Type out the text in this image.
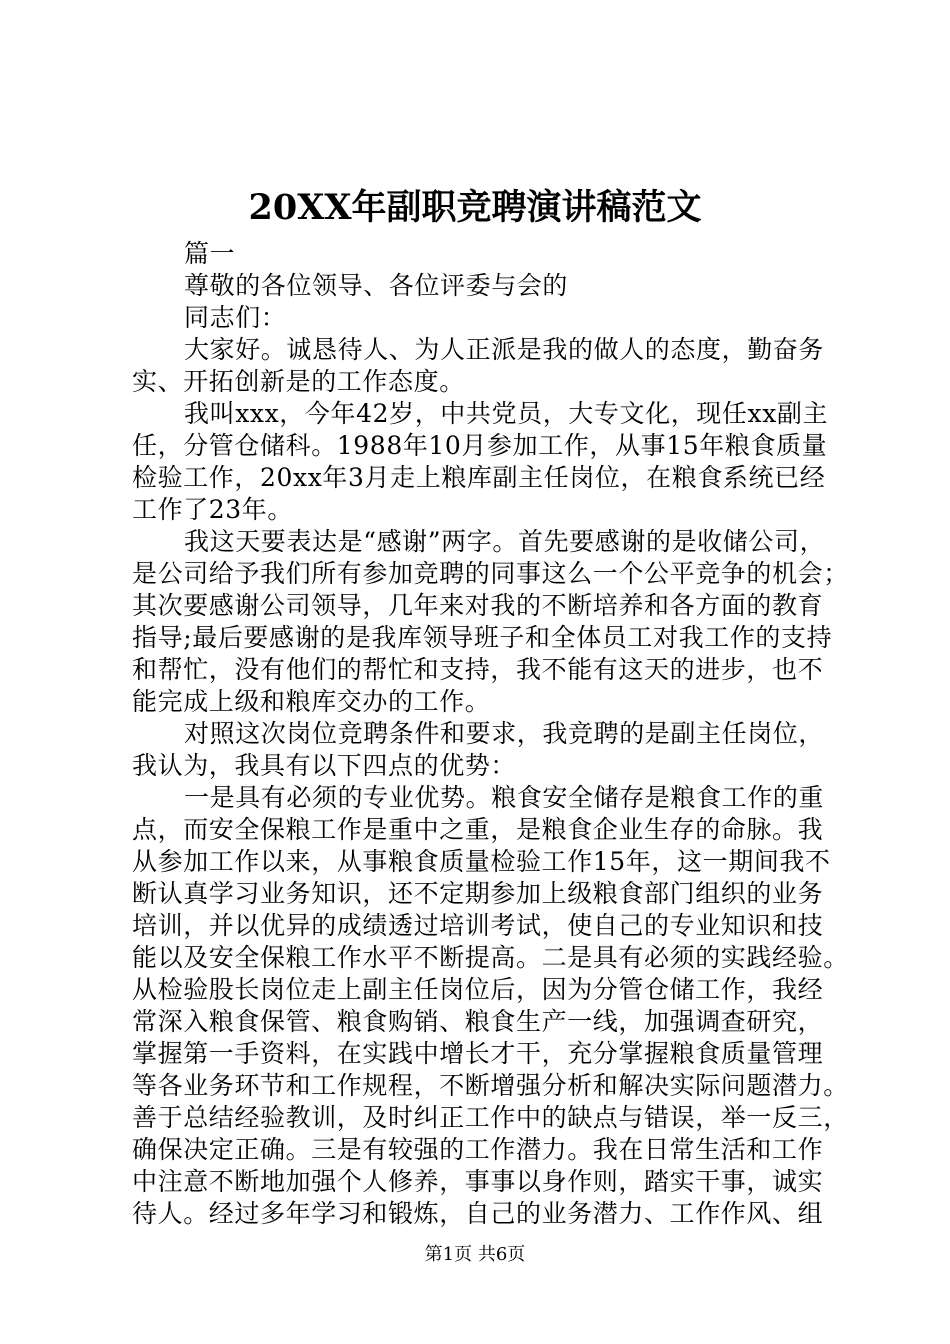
20XX年副职竞聘演讲稿范文
篇一
尊敬的各位领导、各位评委与会的
同志们：
大家好。诚恳待人、为人正派是我的做人的态度，勤奋务
实、开拓创新是的工作态度。
我叫xxx，今年42岁，中共党员，大专文化，现任xx副主
任，分管仓储科。1988年10月参加工作，从事15年粮食质量
检验工作，20xx年3月走上粮库副主任岗位，在粮食系统已经
工作了23年。
我这天要表达是“感谢”两字。首先要感谢的是收储公司，
是公司给予我们所有参加竞聘的同事这么一个公平竞争的机会；
其次要感谢公司领导，几年来对我的不断培养和各方面的教育
指导;最后要感谢的是我库领导班子和全体员工对我工作的支持
和帮忙，没有他们的帮忙和支持，我不能有这天的进步，也不
能完成上级和粮库交办的工作。
对照这次岗位竞聘条件和要求，我竞聘的是副主任岗位，
我认为，我具有以下四点的优势：
一是具有必须的专业优势。粮食安全储存是粮食工作的重
点，而安全保粮工作是重中之重，是粮食企业生存的命脉。我
从参加工作以来，从事粮食质量检验工作15年，这一期间我不
断认真学习业务知识，还不定期参加上级粮食部门组织的业务
培训，并以优异的成绩透过培训考试，使自己的专业知识和技
能以及安全保粮工作水平不断提高。二是具有必须的实践经验。
从检验股长岗位走上副主任岗位后，因为分管仓储工作，我经
常深入粮食保管、粮食购销、粮食生产一线，加强调查研究，
掌握第一手资料，在实践中增长才干，充分掌握粮食质量管理
等各业务环节和工作规程，不断增强分析和解决实际问题潜力。
善于总结经验教训，及时纠正工作中的缺点与错误，举一反三，
确保决定正确。三是有较强的工作潜力。我在日常生活和工作
中注意不断地加强个人修养，事事以身作则，踏实干事，诚实
待人。经过多年学习和锻炼，自己的业务潜力、工作作风、组
第1页 共6页
